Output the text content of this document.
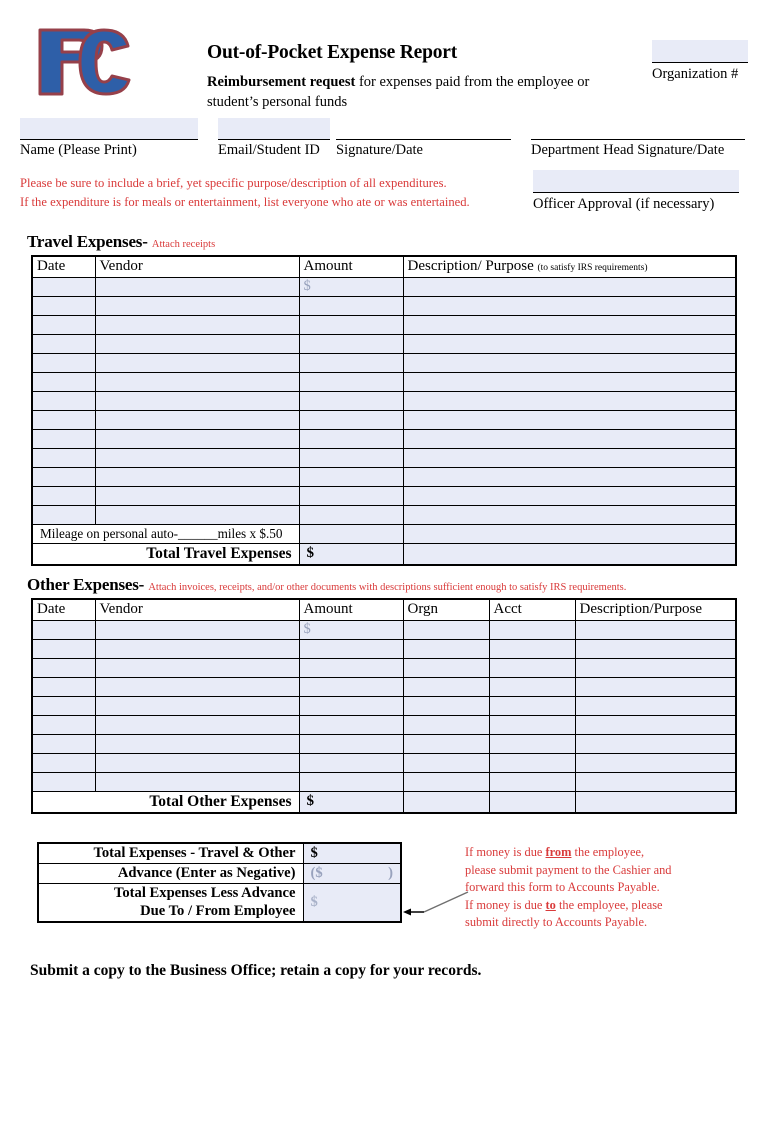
Out-of-Pocket Expense Report
Reimbursement request for expenses paid from the employee or student’s personal funds
Organization #
Name (Please Print)	Email/Student ID	Signature/Date	Department Head Signature/Date
Please be sure to include a brief, yet specific purpose/description of all expenditures.
If the expenditure is for meals or entertainment, list everyone who ate or was entertained.	Officer Approval (if necessary)
Travel Expenses- Attach receipts
Date	Vendor	Amount	Description/ Purpose (to satisfy IRS requirements)
		$	

Mileage on personal auto-______miles x $.50			
Total Travel Expenses		$	
Other Expenses- Attach invoices, receipts, and/or other documents with descriptions sufficient enough to satisfy IRS requirements.
Date	Vendor	Amount	Orgn	Acct	Description/Purpose
		$			

Total Other Expenses		$			
Total Expenses - Travel & Other	$
Advance (Enter as Negative)	($ )

Total Expenses Less Advance
Due To / From Employee	$
If money is due from the employee,
please submit payment to the Cashier and
forward this form to Accounts Payable.
If money is due to the employee, please
submit directly to Accounts Payable.
Submit a copy to the Business Office; retain a copy for your records.
